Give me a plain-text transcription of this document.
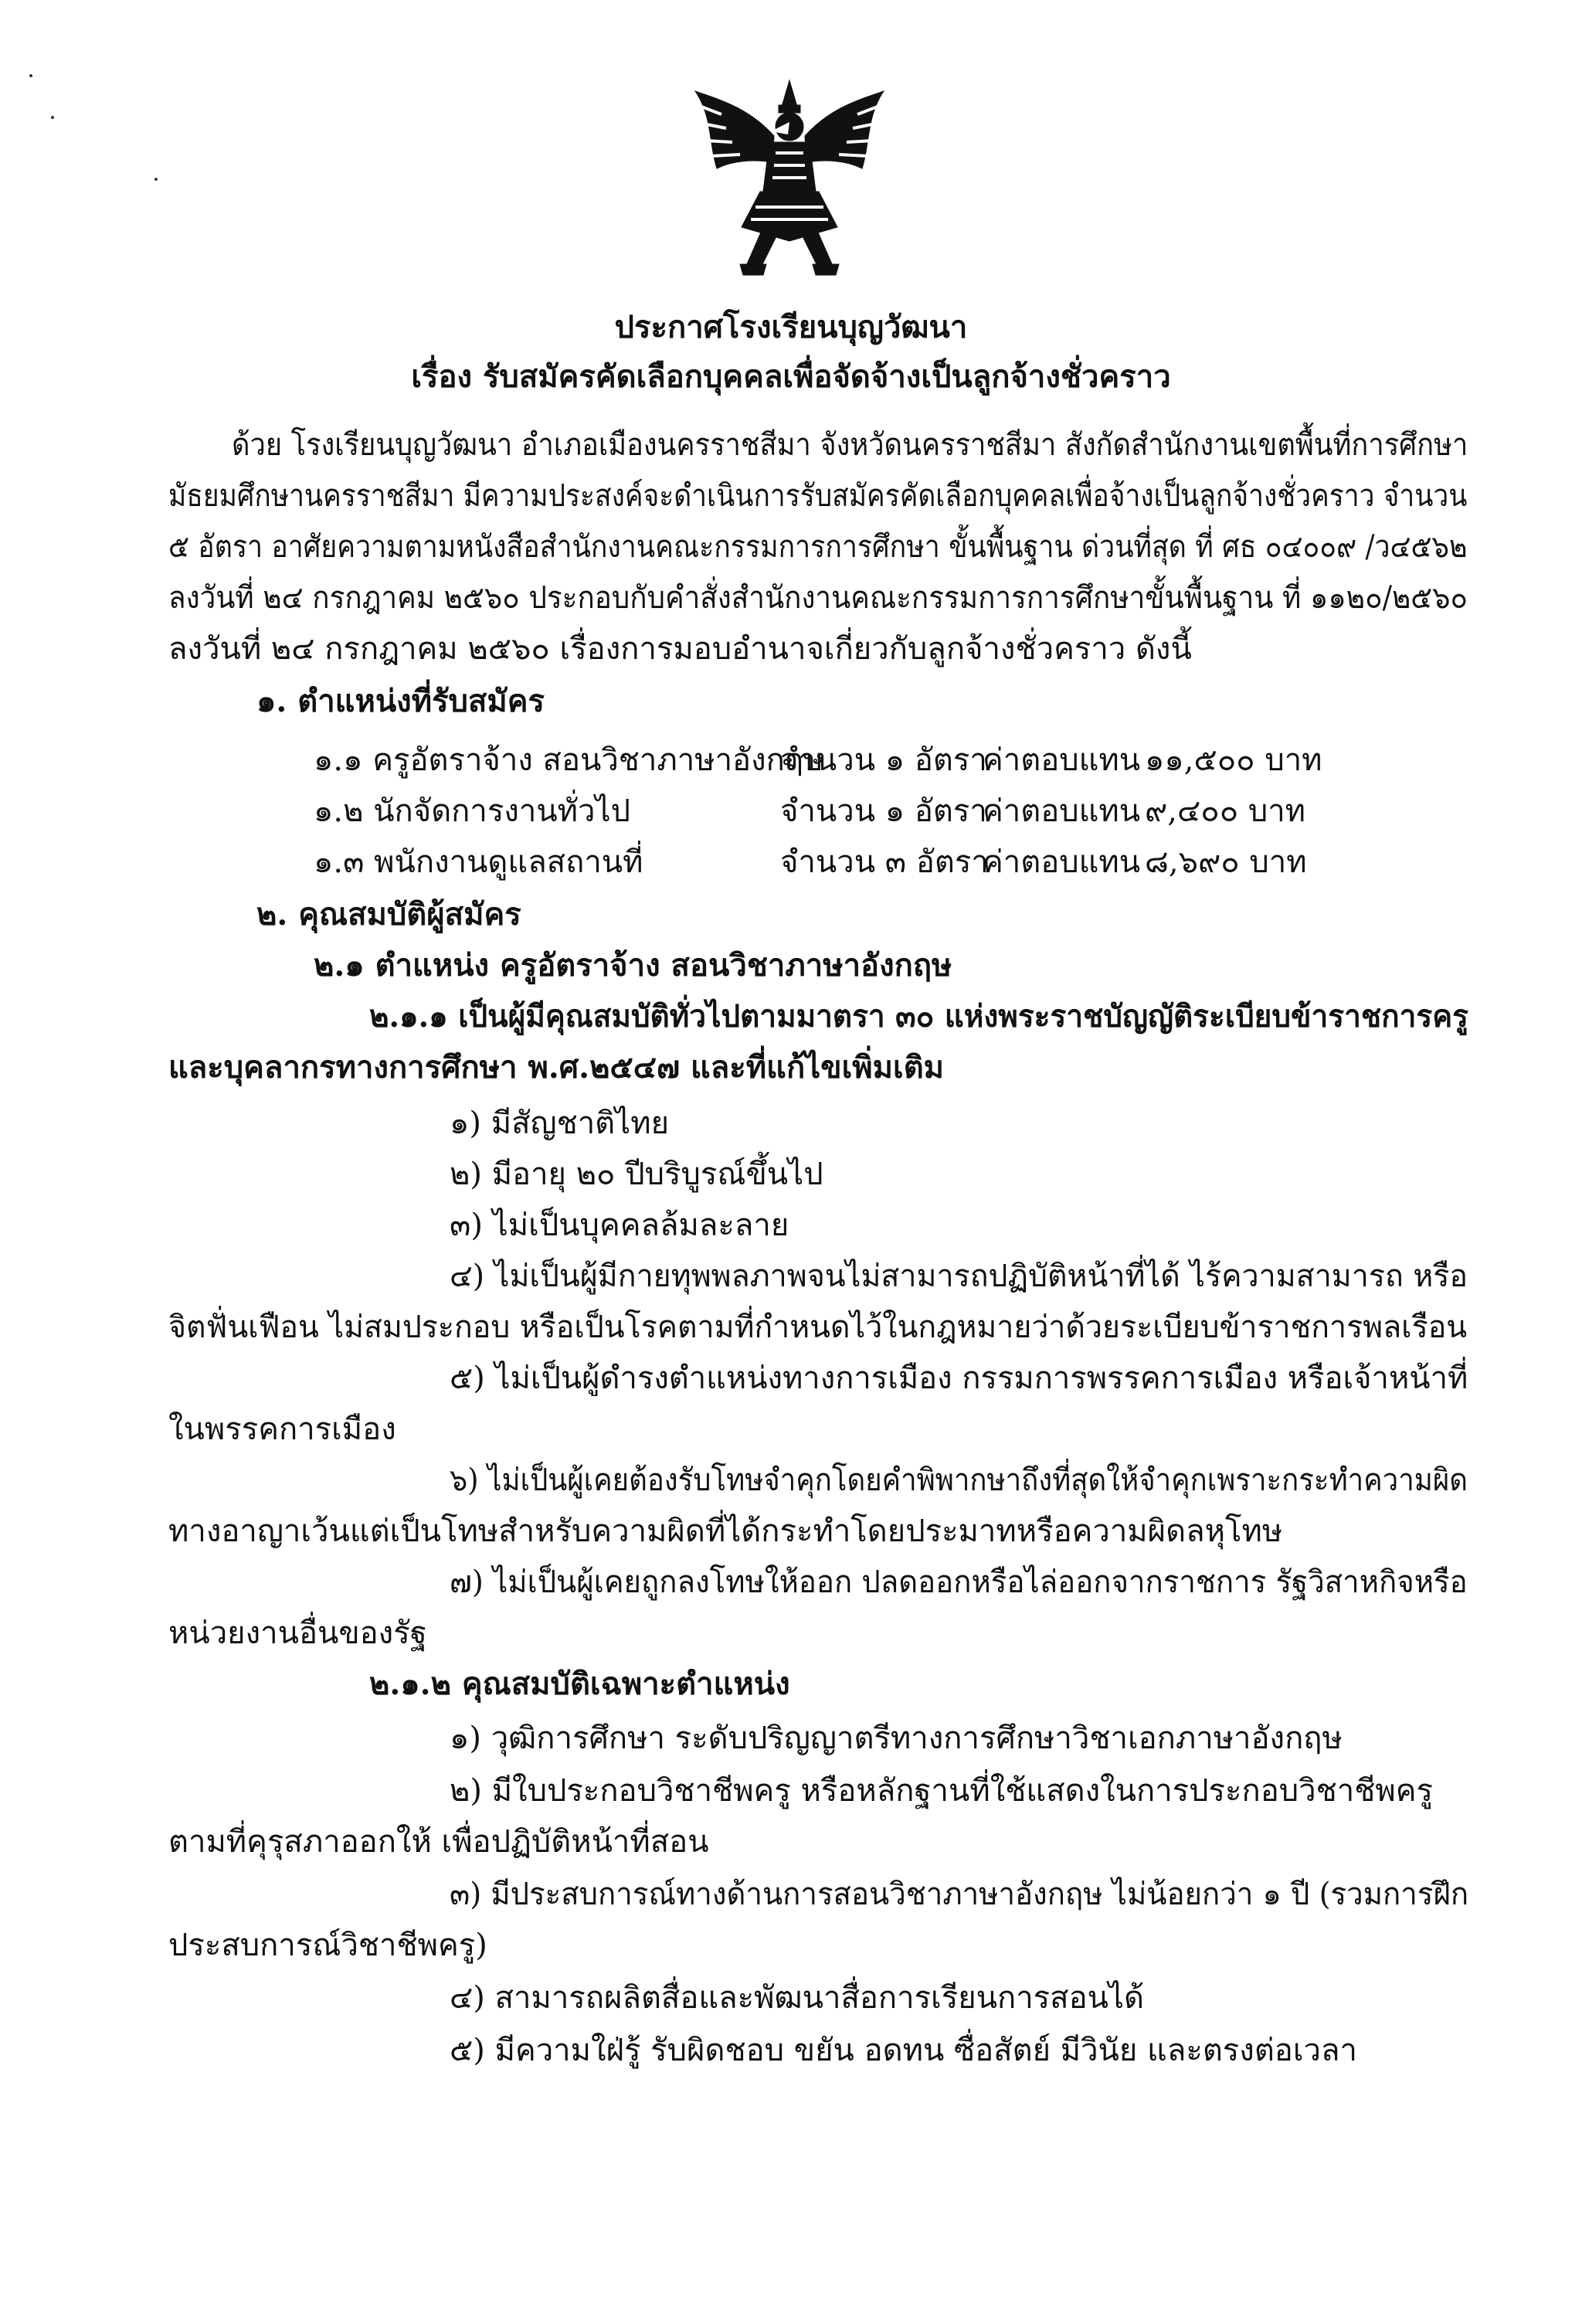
ประกาศโรงเรียนบุญวัฒนา
เรื่อง รับสมัครคัดเลือกบุคคลเพื่อจัดจ้างเป็นลูกจ้างชั่วคราว
ด้วย โรงเรียนบุญวัฒนา อำเภอเมืองนครราชสีมา จังหวัดนครราชสีมา สังกัดสำนักงานเขตพื้นที่การศึกษา
มัธยมศึกษานครราชสีมา มีความประสงค์จะดำเนินการรับสมัครคัดเลือกบุคคลเพื่อจ้างเป็นลูกจ้างชั่วคราว จำนวน
๕ อัตรา อาศัยความตามหนังสือสำนักงานคณะกรรมการการศึกษา ขั้นพื้นฐาน ด่วนที่สุด ที่ ศธ ๐๔๐๐๙ /ว๔๕๖๒
ลงวันที่ ๒๔ กรกฎาคม ๒๕๖๐ ประกอบกับคำสั่งสำนักงานคณะกรรมการการศึกษาขั้นพื้นฐาน ที่ ๑๑๒๐/๒๕๖๐
ลงวันที่ ๒๔ กรกฎาคม ๒๕๖๐ เรื่องการมอบอำนาจเกี่ยวกับลูกจ้างชั่วคราว ดังนี้
๑. ตำแหน่งที่รับสมัคร
๑.๑ ครูอัตราจ้าง สอนวิชาภาษาอังกฤษ
จำนวน ๑ อัตรา
ค่าตอบแทน ๑๑,๕๐๐ บาท
๑.๒ นักจัดการงานทั่วไป	จำนวน ๑ อัตรา
ค่าตอบแทน ๙,๔๐๐ บาท
๑.๓ พนักงานดูแลสถานที่	จำนวน ๓ อัตรา
ค่าตอบแทน ๘,๖๙๐ บาท
๒. คุณสมบัติผู้สมัคร
๒.๑ ตำแหน่ง ครูอัตราจ้าง สอนวิชาภาษาอังกฤษ
๒.๑.๑ เป็นผู้มีคุณสมบัติทั่วไปตามมาตรา ๓๐ แห่งพระราชบัญญัติระเบียบข้าราชการครู
และบุคลากรทางการศึกษา พ.ศ.๒๕๔๗ และที่แก้ไขเพิ่มเติม
๑) มีสัญชาติไทย
๒) มีอายุ ๒๐ ปีบริบูรณ์ขึ้นไป
๓) ไม่เป็นบุคคลล้มละลาย
๔) ไม่เป็นผู้มีกายทุพพลภาพจนไม่สามารถปฏิบัติหน้าที่ได้ ไร้ความสามารถ หรือ
จิตฟั่นเฟือน ไม่สมประกอบ หรือเป็นโรคตามที่กำหนดไว้ในกฎหมายว่าด้วยระเบียบข้าราชการพลเรือน
๕) ไม่เป็นผู้ดำรงตำแหน่งทางการเมือง กรรมการพรรคการเมือง หรือเจ้าหน้าที่
ในพรรคการเมือง
๖) ไม่เป็นผู้เคยต้องรับโทษจำคุกโดยคำพิพากษาถึงที่สุดให้จำคุกเพราะกระทำความผิด
ทางอาญาเว้นแต่เป็นโทษสำหรับความผิดที่ได้กระทำโดยประมาทหรือความผิดลหุโทษ
๗) ไม่เป็นผู้เคยถูกลงโทษให้ออก ปลดออกหรือไล่ออกจากราชการ รัฐวิสาหกิจหรือ
หน่วยงานอื่นของรัฐ
๒.๑.๒ คุณสมบัติเฉพาะตำแหน่ง
๑) วุฒิการศึกษา ระดับปริญญาตรีทางการศึกษาวิชาเอกภาษาอังกฤษ
๒) มีใบประกอบวิชาชีพครู หรือหลักฐานที่ใช้แสดงในการประกอบวิชาชีพครู
ตามที่คุรุสภาออกให้ เพื่อปฏิบัติหน้าที่สอน
๓) มีประสบการณ์ทางด้านการสอนวิชาภาษาอังกฤษ ไม่น้อยกว่า ๑ ปี (รวมการฝึก
ประสบการณ์วิชาชีพครู)
๔) สามารถผลิตสื่อและพัฒนาสื่อการเรียนการสอนได้
๕) มีความใฝ่รู้ รับผิดชอบ ขยัน อดทน ซื่อสัตย์ มีวินัย และตรงต่อเวลา
